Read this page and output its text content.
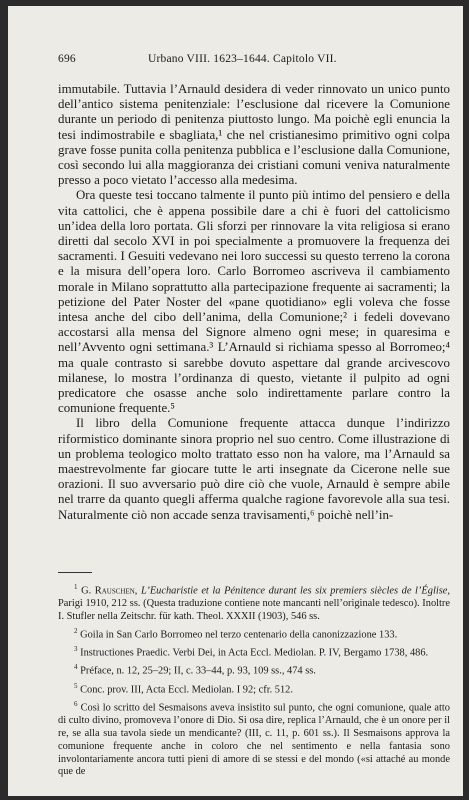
696	Urbano VIII. 1623–1644. Capitolo VII.

immutabile. Tuttavia l’Arnauld desidera di veder rinnovato un unico punto dell’antico sistema penitenziale: l’esclusione dal ricevere la Comunione durante un periodo di penitenza piuttosto lungo. Ma poichè egli enuncia la tesi indimostrabile e sbagliata,¹ che nel cristianesimo primitivo ogni colpa grave fosse punita colla penitenza pubblica e l’esclusione dalla Comunione, così secondo lui alla maggioranza dei cristiani comuni veniva naturalmente presso a poco vietato l’accesso alla medesima.

Ora queste tesi toccano talmente il punto più intimo del pensiero e della vita cattolici, che è appena possibile dare a chi è fuori del cattolicismo un’idea della loro portata. Gli sforzi per rinnovare la vita religiosa si erano diretti dal secolo XVI in poi specialmente a promuovere la frequenza dei sacramenti. I Gesuiti vedevano nei loro successi su questo terreno la corona e la misura dell’opera loro. Carlo Borromeo ascriveva il cambiamento morale in Milano soprattutto alla partecipazione frequente ai sacramenti; la petizione del Pater Noster del «pane quotidiano» egli voleva che fosse intesa anche del cibo dell’anima, della Comunione;² i fedeli dovevano accostarsi alla mensa del Signore almeno ogni mese; in quaresima e nell’Avvento ogni settimana.³ L’Arnauld si richiama spesso al Borromeo;⁴ ma quale contrasto si sarebbe dovuto aspettare dal grande arcivescovo milanese, lo mostra l’ordinanza di questo, vietante il pulpito ad ogni predicatore che osasse anche solo indirettamente parlare contro la comunione frequente.⁵

Il libro della Comunione frequente attacca dunque l’indirizzo riformistico dominante sinora proprio nel suo centro. Come illustrazione di un problema teologico molto trattato esso non ha valore, ma l’Arnauld sa maestrevolmente far giocare tutte le arti insegnate da Cicerone nelle sue orazioni. Il suo avversario può dire ciò che vuole, Arnauld è sempre abile nel trarre da quanto quegli afferma qualche ragione favorevole alla sua tesi. Naturalmente ciò non accade senza travisamenti,⁶ poichè nell’in-

$^1$ G. Rauschen, L’Eucharistie et la Pénitence durant les six premiers siècles de l’Église, Parigi 1910, 212 ss. (Questa traduzione contiene note mancanti nell’originale tedesco). Inoltre I. Stufler nella Zeitschr. für kath. Theol. XXXII (1903), 546 ss.

$^2$ Goila in San Carlo Borromeo nel terzo centenario della canonizzazione 133.

$^3$ Instructiones Praedic. Verbi Dei, in Acta Eccl. Mediolan. P. IV, Bergamo 1738, 486.

$^4$ Préface, n. 12, 25–29; II, c. 33–44, p. 93, 109 ss., 474 ss.

$^5$ Conc. prov. III, Acta Eccl. Mediolan. I 92; cfr. 512.

$^6$ Così lo scritto del Sesmaisons aveva insistito sul punto, che ogni comunione, quale atto di culto divino, promoveva l’onore di Dio. Si osa dire, replica l’Arnauld, che è un onore per il re, se alla sua tavola siede un mendicante? (III, c. 11, p. 601 ss.). Il Sesmaisons approva la comunione frequente anche in coloro che nel sentimento e nella fantasia sono involontariamente ancora tutti pieni di amore di se stessi e del mondo («si attaché au monde que de
